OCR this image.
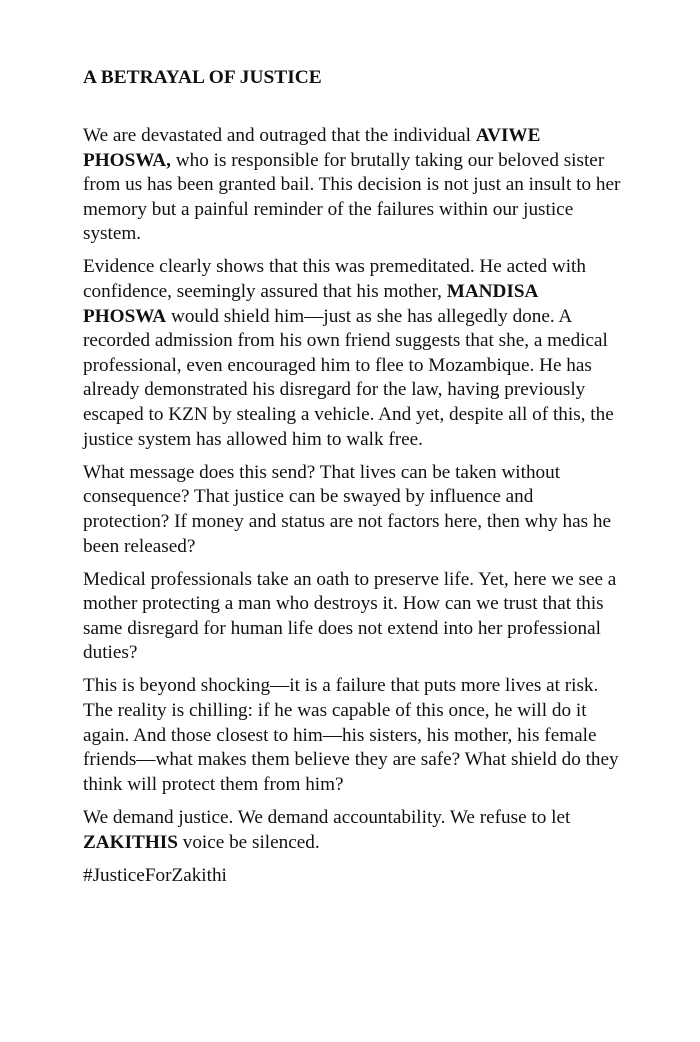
A BETRAYAL OF JUSTICE

We are devastated and outraged that the individual AVIWE PHOSWA, who is responsible for brutally taking our beloved sister from us has been granted bail. This decision is not just an insult to her memory but a painful reminder of the failures within our justice system.

Evidence clearly shows that this was premeditated. He acted with confidence, seemingly assured that his mother, MANDISA PHOSWA would shield him—just as she has allegedly done. A recorded admission from his own friend suggests that she, a medical professional, even encouraged him to flee to Mozambique. He has already demonstrated his disregard for the law, having previously escaped to KZN by stealing a vehicle. And yet, despite all of this, the justice system has allowed him to walk free.

What message does this send? That lives can be taken without consequence? That justice can be swayed by influence and protection? If money and status are not factors here, then why has he been released?

Medical professionals take an oath to preserve life. Yet, here we see a mother protecting a man who destroys it. How can we trust that this same disregard for human life does not extend into her professional duties?

This is beyond shocking—it is a failure that puts more lives at risk. The reality is chilling: if he was capable of this once, he will do it again. And those closest to him—his sisters, his mother, his female friends—what makes them believe they are safe? What shield do they think will protect them from him?

We demand justice. We demand accountability. We refuse to let ZAKITHIS voice be silenced.

#JusticeForZakithi
